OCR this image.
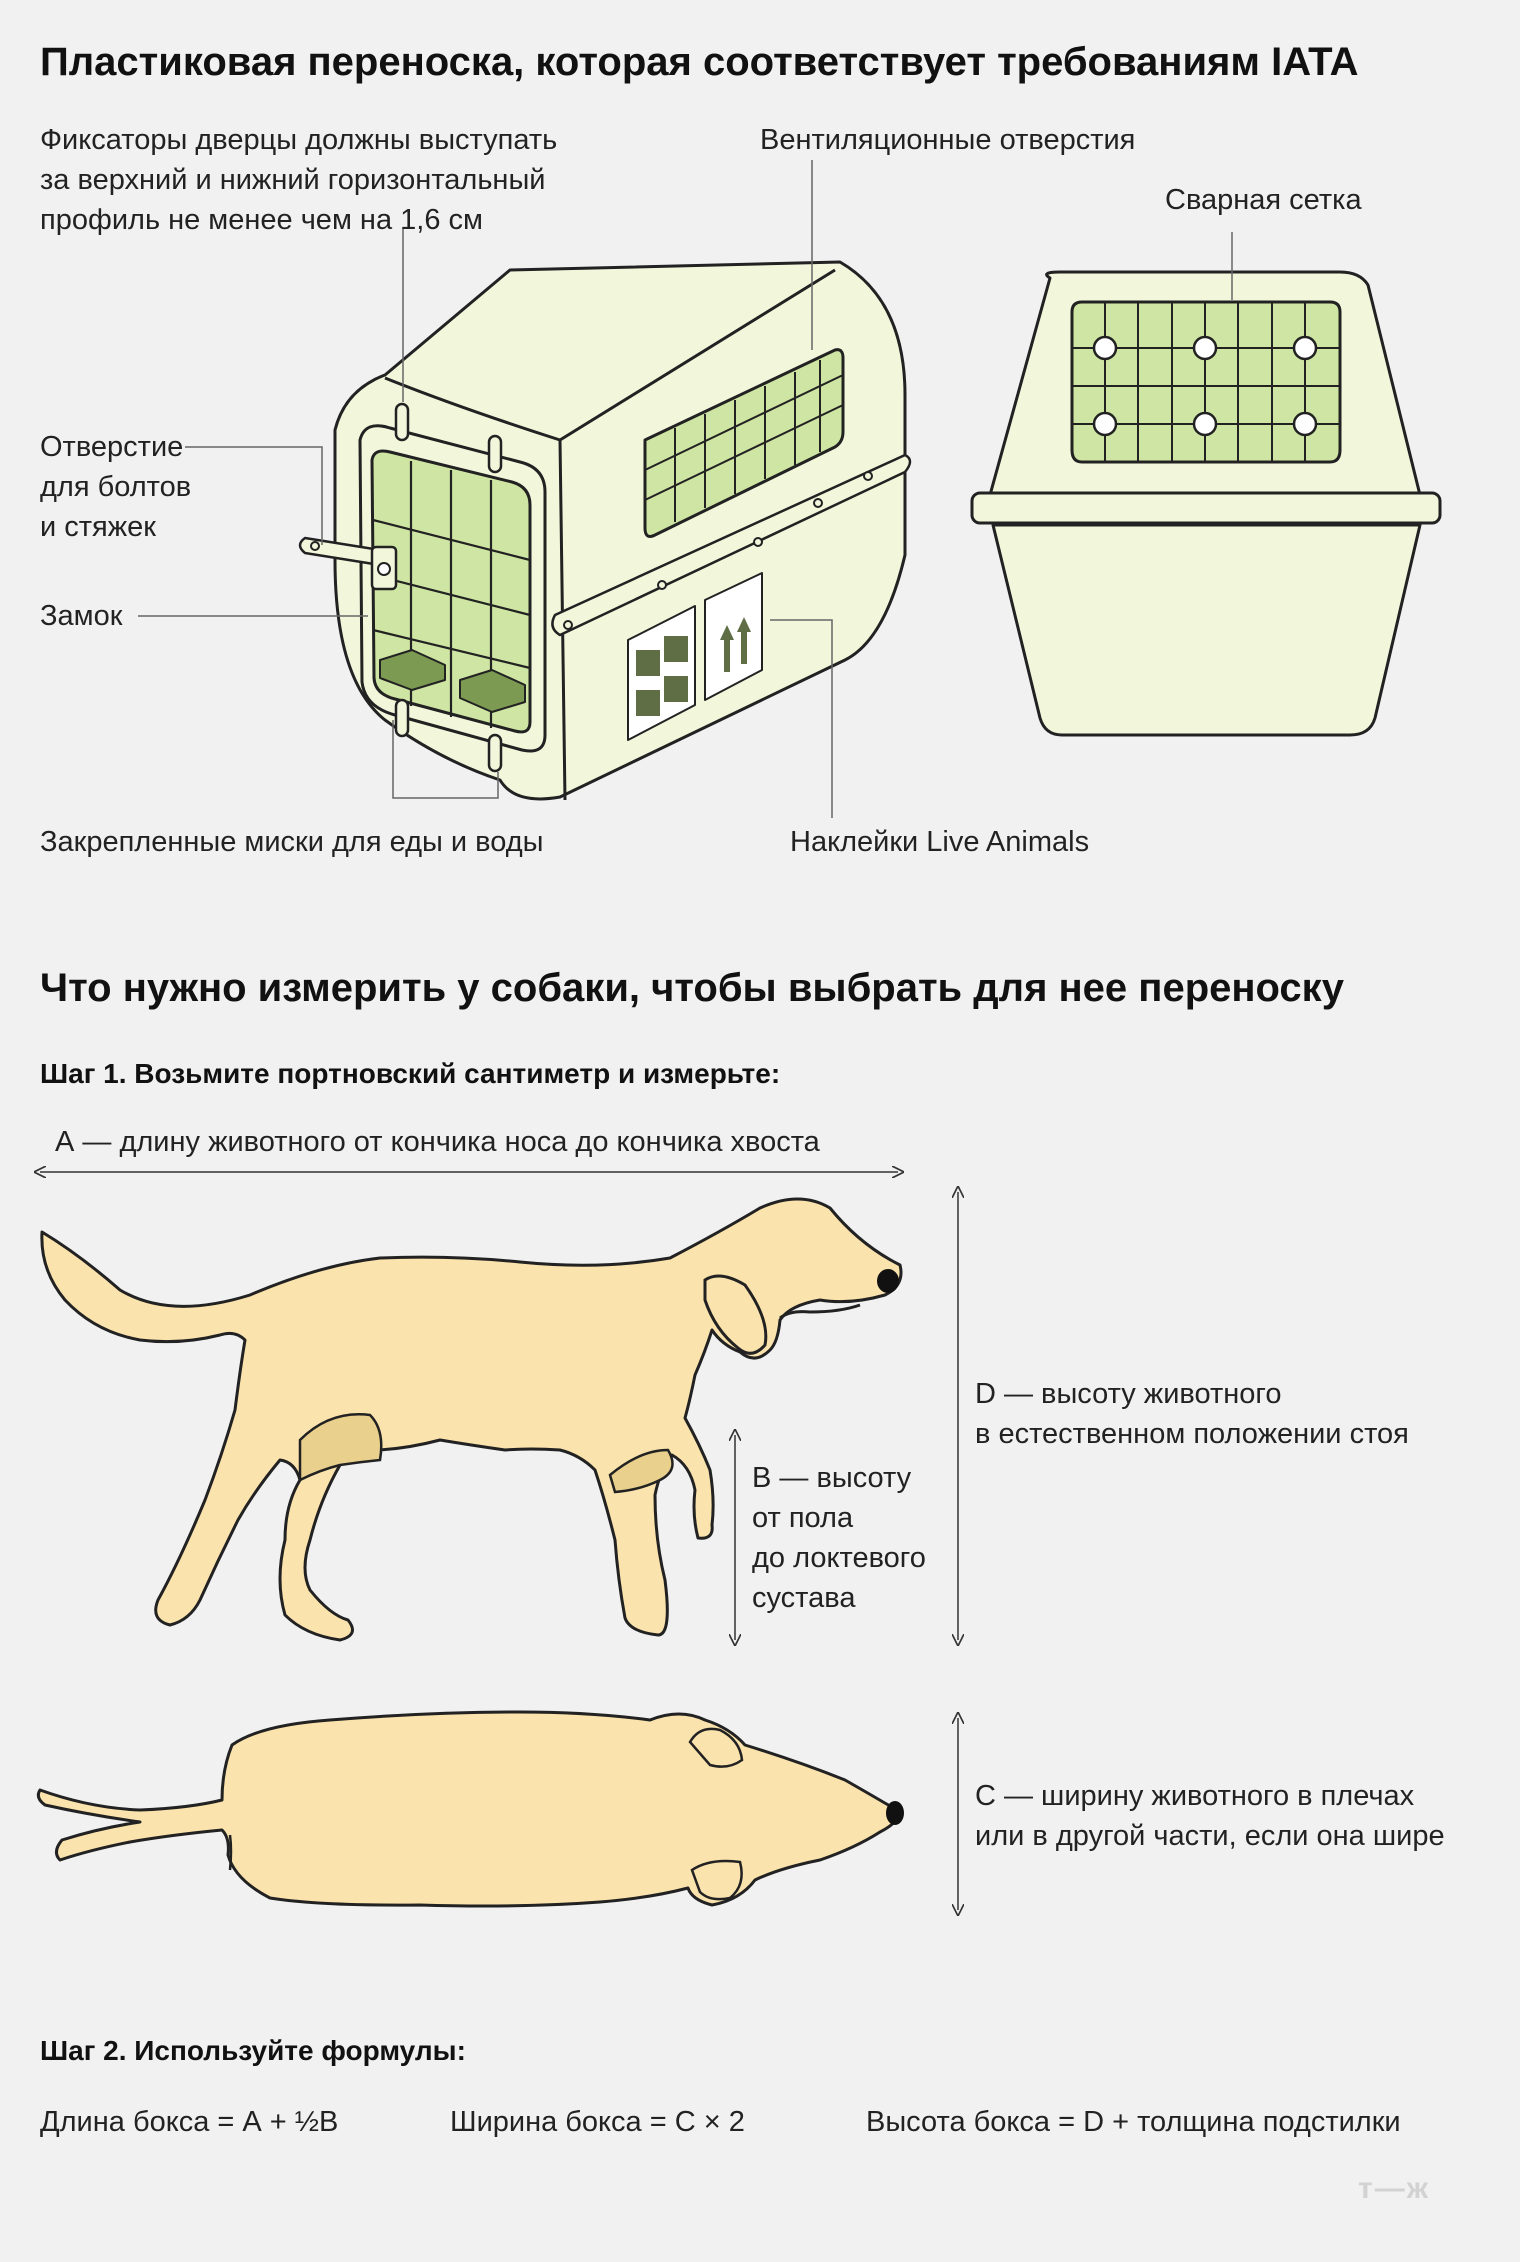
Пластиковая переноска, которая соответствует требованиям IATA
Фиксаторы дверцы должны выступать
за верхний и нижний горизонтальный
профиль не менее чем на 1,6 см
Вентиляционные отверстия
Сварная сетка
Отверстие
для болтов
и стяжек
Замок
Закрепленные миски для еды и воды	Наклейки Live Animals
Что нужно измерить у собаки, чтобы выбрать для нее переноску
Шаг 1. Возьмите портновский сантиметр и измерьте:
А — длину животного от кончика носа до кончика хвоста
D — высоту животного
в естественном положении стоя
В — высоту
от пола
до локтевого
сустава
С — ширину животного в плечах
или в другой части, если она шире
Шаг 2. Используйте формулы:
Длина бокса = А + ½В	Ширина бокса = С × 2	Высота бокса = D + толщина подстилки
т—ж
